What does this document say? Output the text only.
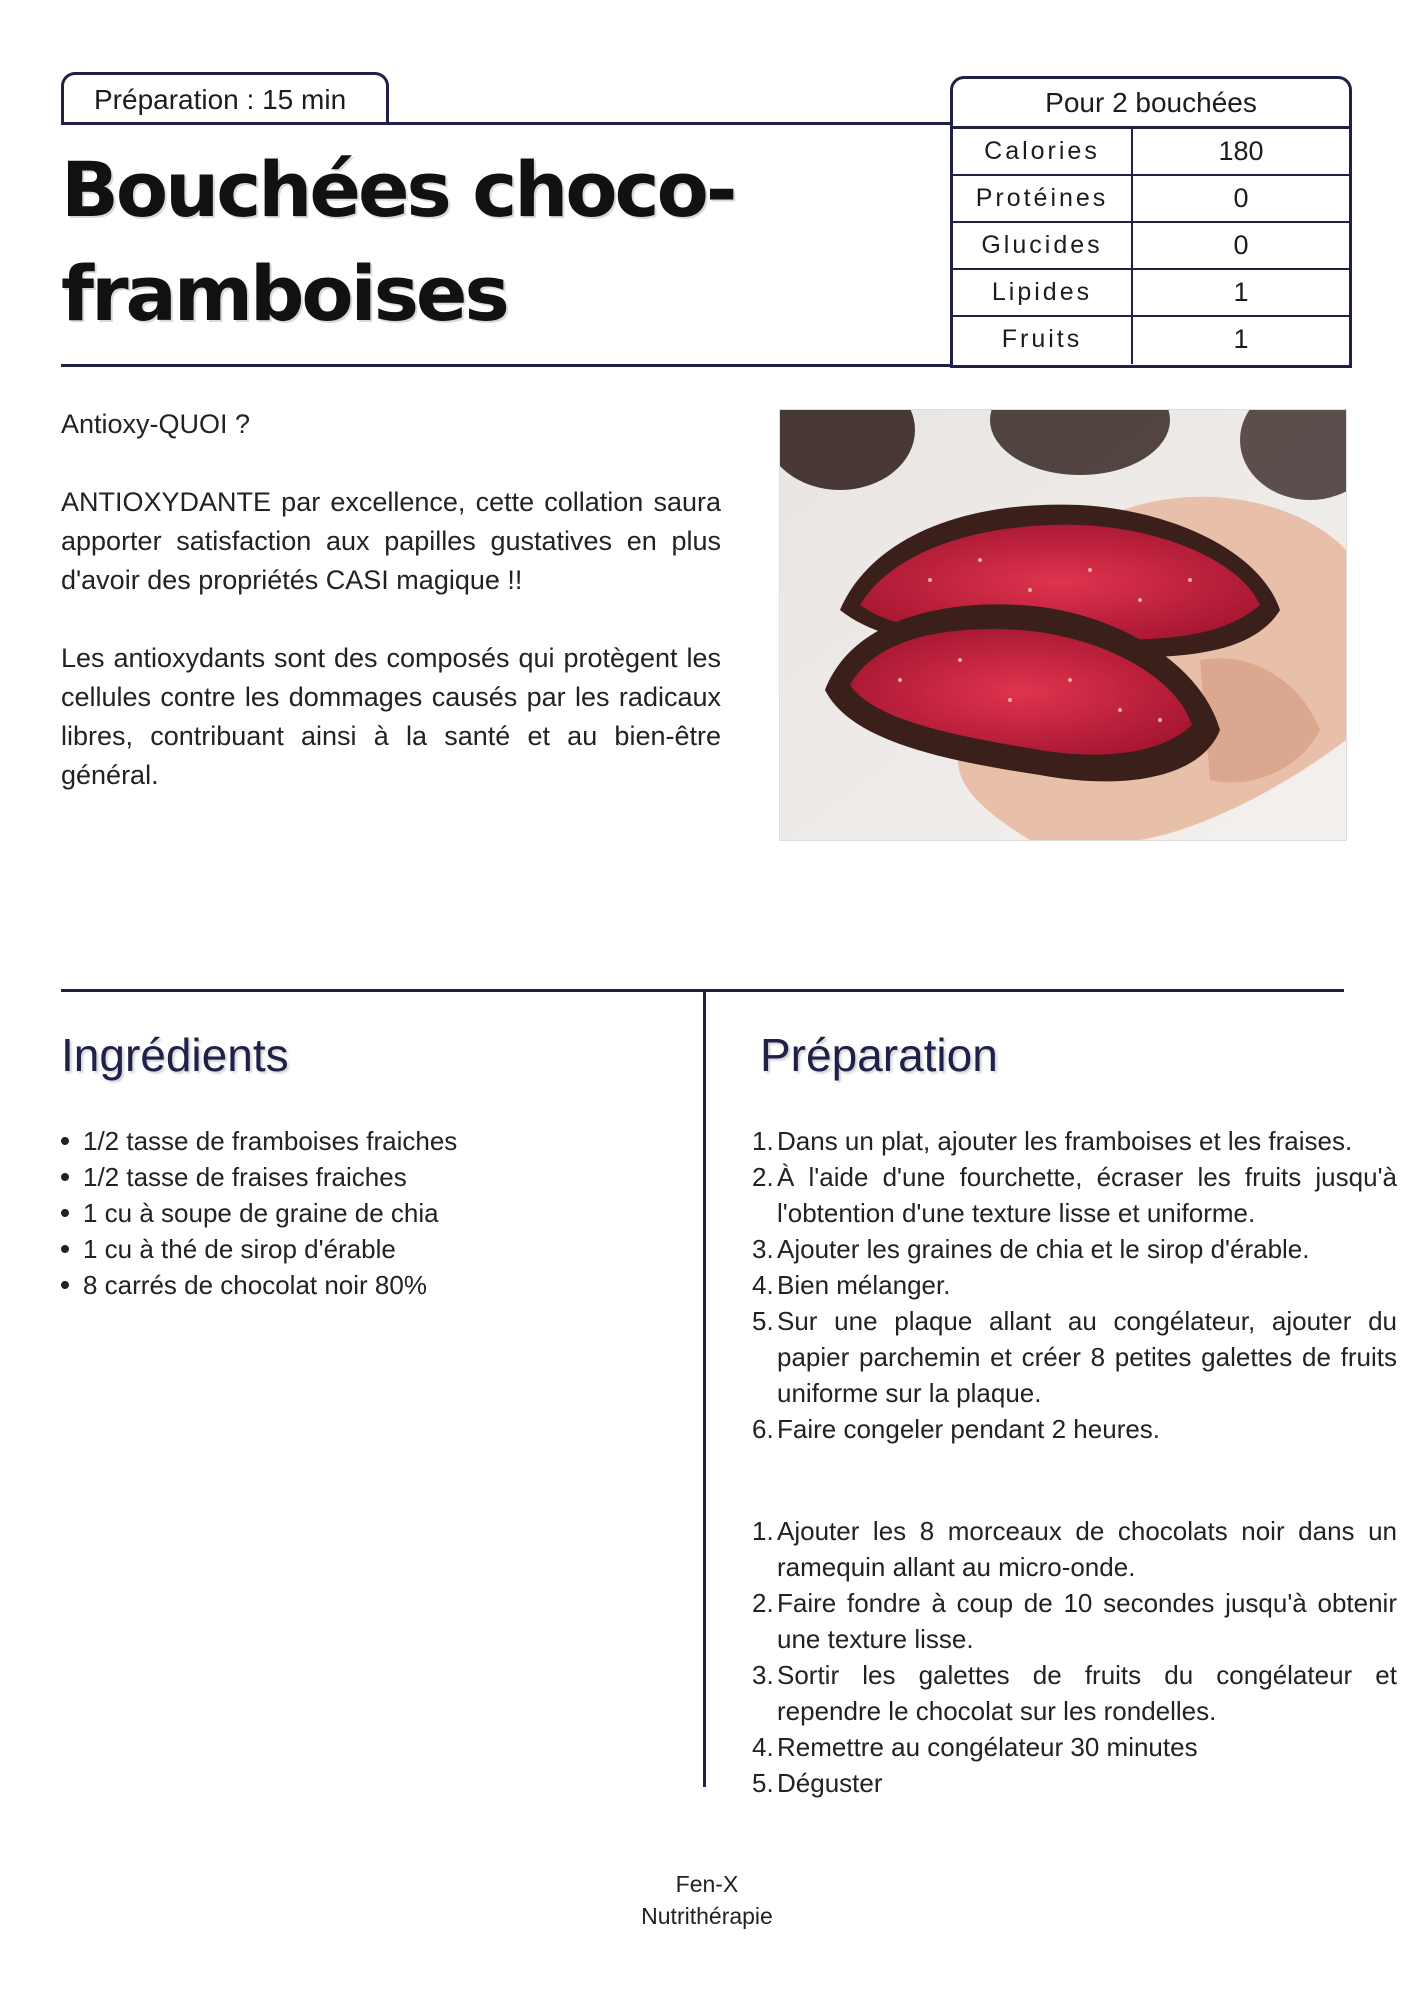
Préparation : 15 min
Bouchées choco-framboises
Pour 2 bouchées
Calories	180
Protéines	0
Glucides	0
Lipides	1
Fruits	1

Antioxy-QUOI ?

ANTIOXYDANTE par excellence, cette collation saura apporter satisfaction aux papilles gustatives en plus d'avoir des propriétés CASI magique !!

Les antioxydants sont des composés qui protègent les cellules contre les dommages causés par les radicaux libres, contribuant ainsi à la santé et au bien-être général.

Ingrédients
1/2 tasse de framboises fraiches
1/2 tasse de fraises fraiches
1 cu à soupe de graine de chia
1 cu à thé de sirop d'érable
8 carrés de chocolat noir 80%
Préparation
1. Dans un plat, ajouter les framboises et les fraises.
2. À l'aide d'une fourchette, écraser les fruits jusqu'à l'obtention d'une texture lisse et uniforme.
3. Ajouter les graines de chia et le sirop d'érable.
4. Bien mélanger.
5. Sur une plaque allant au congélateur, ajouter du papier parchemin et créer 8 petites galettes de fruits uniforme sur la plaque.
6. Faire congeler pendant 2 heures.
1. Ajouter les 8 morceaux de chocolats noir dans un ramequin allant au micro-onde.
2. Faire fondre à coup de 10 secondes jusqu'à obtenir une texture lisse.
3. Sortir les galettes de fruits du congélateur et rependre le chocolat sur les rondelles.
4. Remettre au congélateur 30 minutes
5. Déguster
Fen-X
Nutrithérapie
